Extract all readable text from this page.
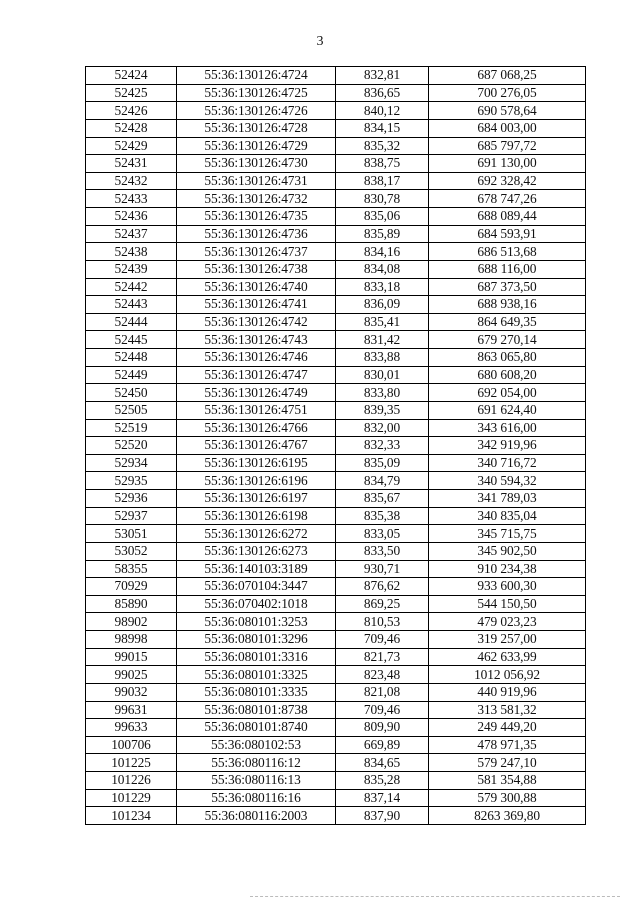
3
52424	55:36:130126:4724	832,81	687 068,25
52425	55:36:130126:4725	836,65	700 276,05
52426	55:36:130126:4726	840,12	690 578,64
52428	55:36:130126:4728	834,15	684 003,00
52429	55:36:130126:4729	835,32	685 797,72
52431	55:36:130126:4730	838,75	691 130,00
52432	55:36:130126:4731	838,17	692 328,42
52433	55:36:130126:4732	830,78	678 747,26
52436	55:36:130126:4735	835,06	688 089,44
52437	55:36:130126:4736	835,89	684 593,91
52438	55:36:130126:4737	834,16	686 513,68
52439	55:36:130126:4738	834,08	688 116,00
52442	55:36:130126:4740	833,18	687 373,50
52443	55:36:130126:4741	836,09	688 938,16
52444	55:36:130126:4742	835,41	864 649,35
52445	55:36:130126:4743	831,42	679 270,14
52448	55:36:130126:4746	833,88	863 065,80
52449	55:36:130126:4747	830,01	680 608,20
52450	55:36:130126:4749	833,80	692 054,00
52505	55:36:130126:4751	839,35	691 624,40
52519	55:36:130126:4766	832,00	343 616,00
52520	55:36:130126:4767	832,33	342 919,96
52934	55:36:130126:6195	835,09	340 716,72
52935	55:36:130126:6196	834,79	340 594,32
52936	55:36:130126:6197	835,67	341 789,03
52937	55:36:130126:6198	835,38	340 835,04
53051	55:36:130126:6272	833,05	345 715,75
53052	55:36:130126:6273	833,50	345 902,50
58355	55:36:140103:3189	930,71	910 234,38
70929	55:36:070104:3447	876,62	933 600,30
85890	55:36:070402:1018	869,25	544 150,50
98902	55:36:080101:3253	810,53	479 023,23
98998	55:36:080101:3296	709,46	319 257,00
99015	55:36:080101:3316	821,73	462 633,99
99025	55:36:080101:3325	823,48	1012 056,92
99032	55:36:080101:3335	821,08	440 919,96
99631	55:36:080101:8738	709,46	313 581,32
99633	55:36:080101:8740	809,90	249 449,20
100706	55:36:080102:53	669,89	478 971,35
101225	55:36:080116:12	834,65	579 247,10
101226	55:36:080116:13	835,28	581 354,88
101229	55:36:080116:16	837,14	579 300,88
101234	55:36:080116:2003	837,90	8263 369,80
